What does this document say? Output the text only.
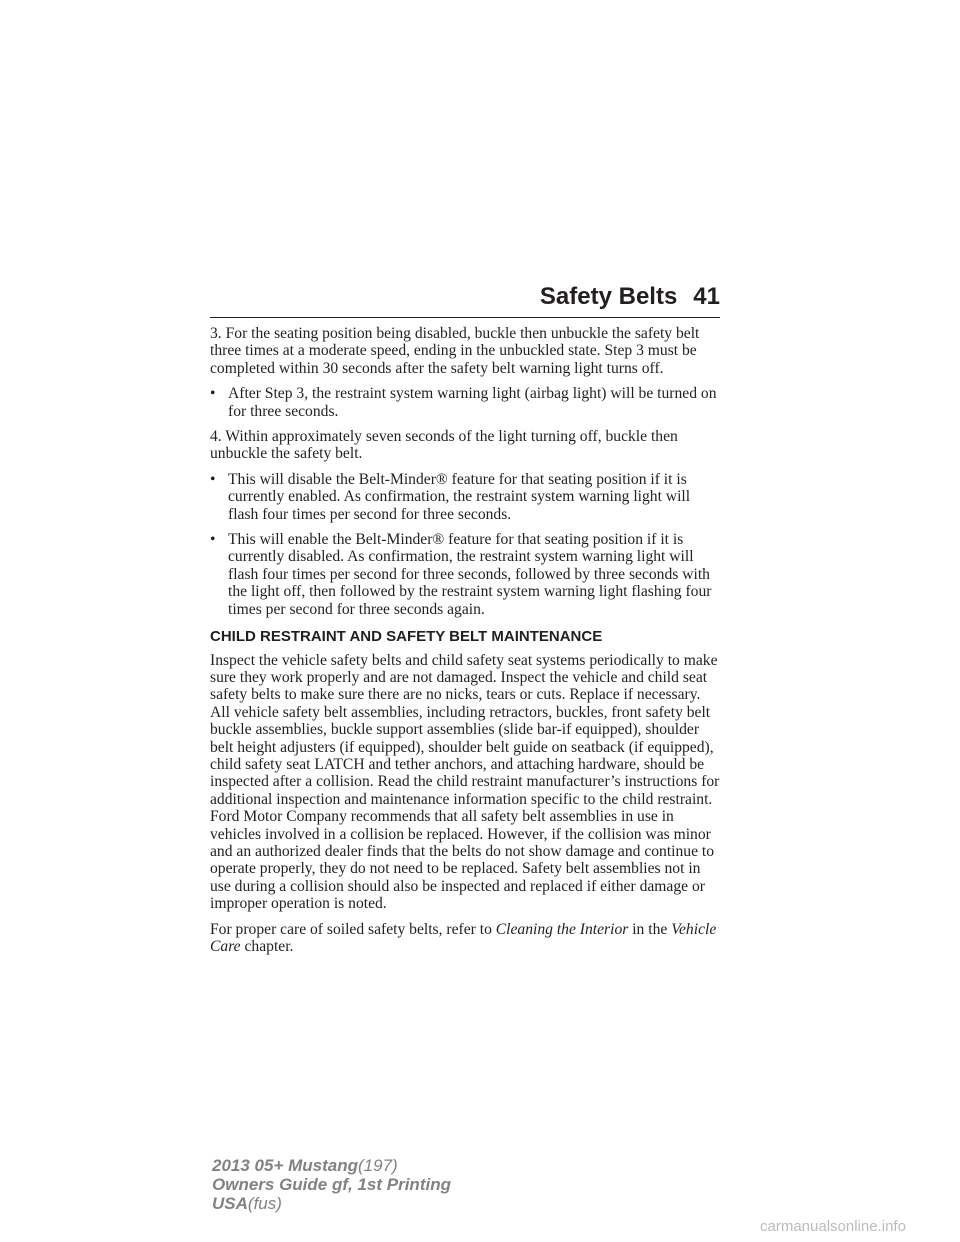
Safety Belts 41

3. For the seating position being disabled, buckle then unbuckle the safety belt three times at a moderate speed, ending in the unbuckled state. Step 3 must be completed within 30 seconds after the safety belt warning light turns off.

• After Step 3, the restraint system warning light (airbag light) will be turned on for three seconds.

4. Within approximately seven seconds of the light turning off, buckle then unbuckle the safety belt.

• This will disable the Belt-Minder® feature for that seating position if it is currently enabled. As confirmation, the restraint system warning light will flash four times per second for three seconds.
• This will enable the Belt-Minder® feature for that seating position if it is currently disabled. As confirmation, the restraint system warning light will flash four times per second for three seconds, followed by three seconds with the light off, then followed by the restraint system warning light flashing four times per second for three seconds again.
CHILD RESTRAINT AND SAFETY BELT MAINTENANCE

Inspect the vehicle safety belts and child safety seat systems periodically to make sure they work properly and are not damaged. Inspect the vehicle and child seat safety belts to make sure there are no nicks, tears or cuts. Replace if necessary. All vehicle safety belt assemblies, including retractors, buckles, front safety belt buckle assemblies, buckle support assemblies (slide bar-if equipped), shoulder belt height adjusters (if equipped), shoulder belt guide on seatback (if equipped), child safety seat LATCH and tether anchors, and attaching hardware, should be inspected after a collision. Read the child restraint manufacturer’s instructions for additional inspection and maintenance information specific to the child restraint. Ford Motor Company recommends that all safety belt assemblies in use in vehicles involved in a collision be replaced. However, if the collision was minor and an authorized dealer finds that the belts do not show damage and continue to operate properly, they do not need to be replaced. Safety belt assemblies not in use during a collision should also be inspected and replaced if either damage or improper operation is noted.

For proper care of soiled safety belts, refer to Cleaning the Interior in the Vehicle Care chapter.

2013 05+ Mustang(197)
Owners Guide gf, 1st Printing
USA(fus)
carmanualsonline.info
